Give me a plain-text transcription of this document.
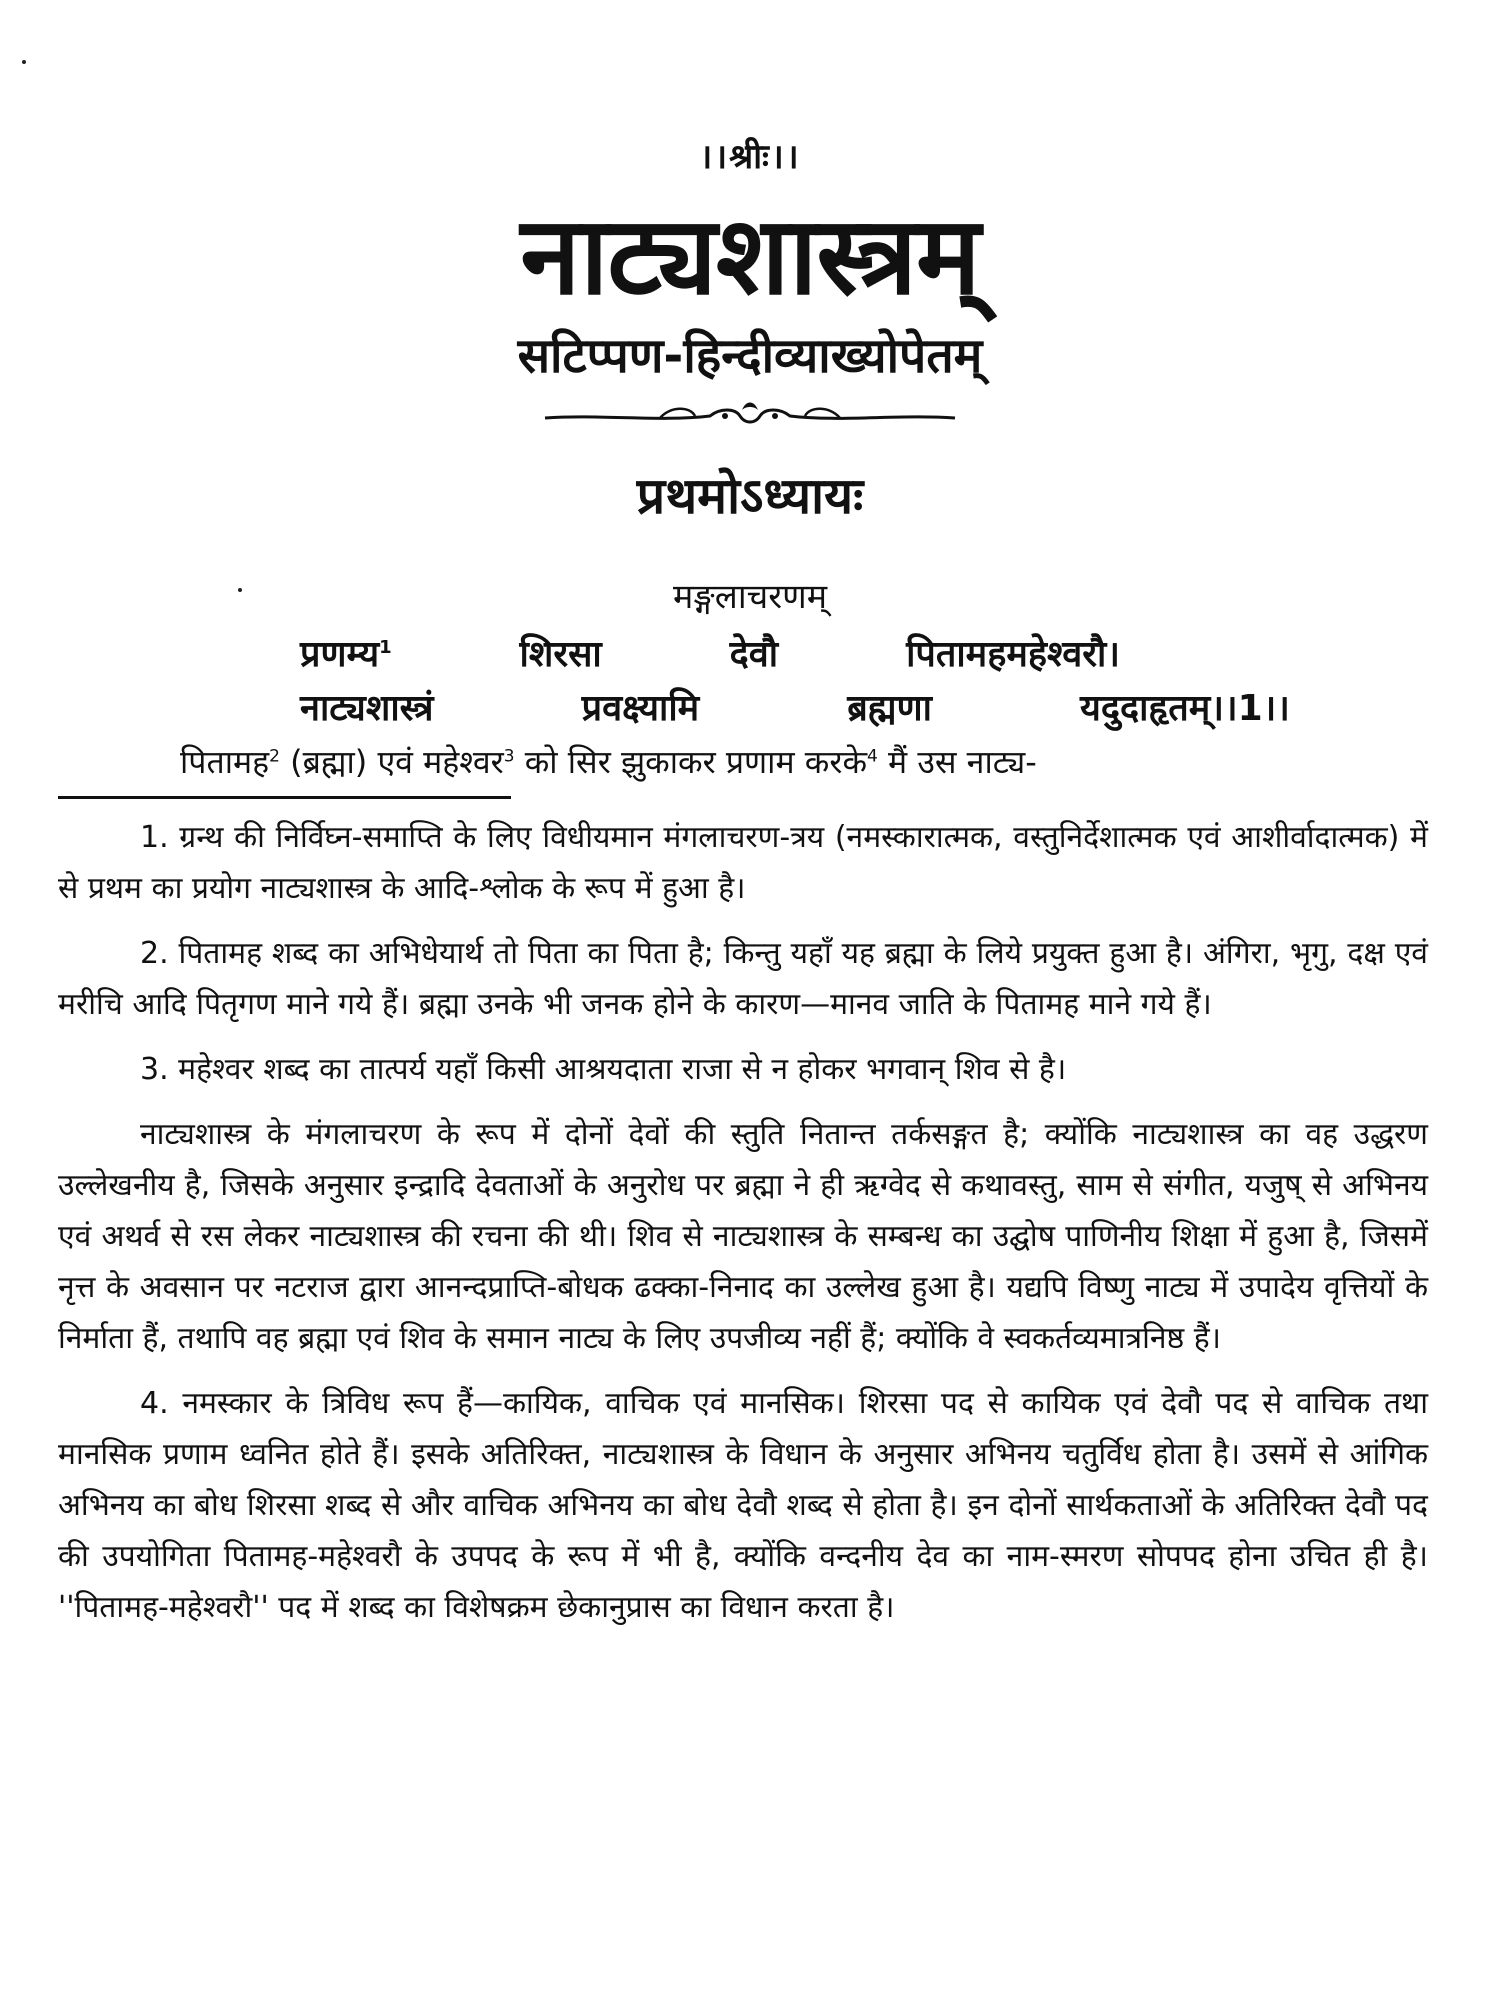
।।श्रीः।।
नाट्यशास्त्रम्
सटिप्पण-हिन्दीव्याख्योपेतम्
प्रथमोऽध्यायः
मङ्गलाचरणम्
प्रणम्य$^1$	शिरसा	देवौ	पितामहमहेश्वरौ।
नाट्यशास्त्रं	प्रवक्ष्यामि	ब्रह्मणा	यदुदाहृतम्।।1।।
पितामह$^2$ (ब्रह्मा) एवं महेश्वर$^3$ को सिर झुकाकर प्रणाम करके$^4$ मैं उस नाट्य-

1. ग्रन्थ की निर्विघ्न-समाप्ति के लिए विधीयमान मंगलाचरण-त्रय (नमस्कारात्मक, वस्तुनिर्देशात्मक एवं आशीर्वादात्मक) में से प्रथम का प्रयोग नाट्यशास्त्र के आदि-श्लोक के रूप में हुआ है।

2. पितामह शब्द का अभिधेयार्थ तो पिता का पिता है; किन्तु यहाँ यह ब्रह्मा के लिये प्रयुक्त हुआ है। अंगिरा, भृगु, दक्ष एवं मरीचि आदि पितृगण माने गये हैं। ब्रह्मा उनके भी जनक होने के कारण—मानव जाति के पितामह माने गये हैं।

3. महेश्वर शब्द का तात्पर्य यहाँ किसी आश्रयदाता राजा से न होकर भगवान् शिव से है।

नाट्यशास्त्र के मंगलाचरण के रूप में दोनों देवों की स्तुति नितान्त तर्कसङ्गत है; क्योंकि नाट्यशास्त्र का वह उद्धरण उल्लेखनीय है, जिसके अनुसार इन्द्रादि देवताओं के अनुरोध पर ब्रह्मा ने ही ऋग्वेद से कथावस्तु, साम से संगीत, यजुष् से अभिनय एवं अथर्व से रस लेकर नाट्यशास्त्र की रचना की थी। शिव से नाट्यशास्त्र के सम्बन्ध का उद्घोष पाणिनीय शिक्षा में हुआ है, जिसमें नृत्त के अवसान पर नटराज द्वारा आनन्दप्राप्ति-बोधक ढक्का-निनाद का उल्लेख हुआ है। यद्यपि विष्णु नाट्य में उपादेय वृत्तियों के निर्माता हैं, तथापि वह ब्रह्मा एवं शिव के समान नाट्य के लिए उपजीव्य नहीं हैं; क्योंकि वे स्वकर्तव्यमात्रनिष्ठ हैं।

4. नमस्कार के त्रिविध रूप हैं—कायिक, वाचिक एवं मानसिक। शिरसा पद से कायिक एवं देवौ पद से वाचिक तथा मानसिक प्रणाम ध्वनित होते हैं। इसके अतिरिक्त, नाट्यशास्त्र के विधान के अनुसार अभिनय चतुर्विध होता है। उसमें से आंगिक अभिनय का बोध शिरसा शब्द से और वाचिक अभिनय का बोध देवौ शब्द से होता है। इन दोनों सार्थकताओं के अतिरिक्त देवौ पद की उपयोगिता पितामह-महेश्वरौ के उपपद के रूप में भी है, क्योंकि वन्दनीय देव का नाम-स्मरण सोपपद होना उचित ही है। ''पितामह-महेश्वरौ'' पद में शब्द का विशेषक्रम छेकानुप्रास का विधान करता है।
